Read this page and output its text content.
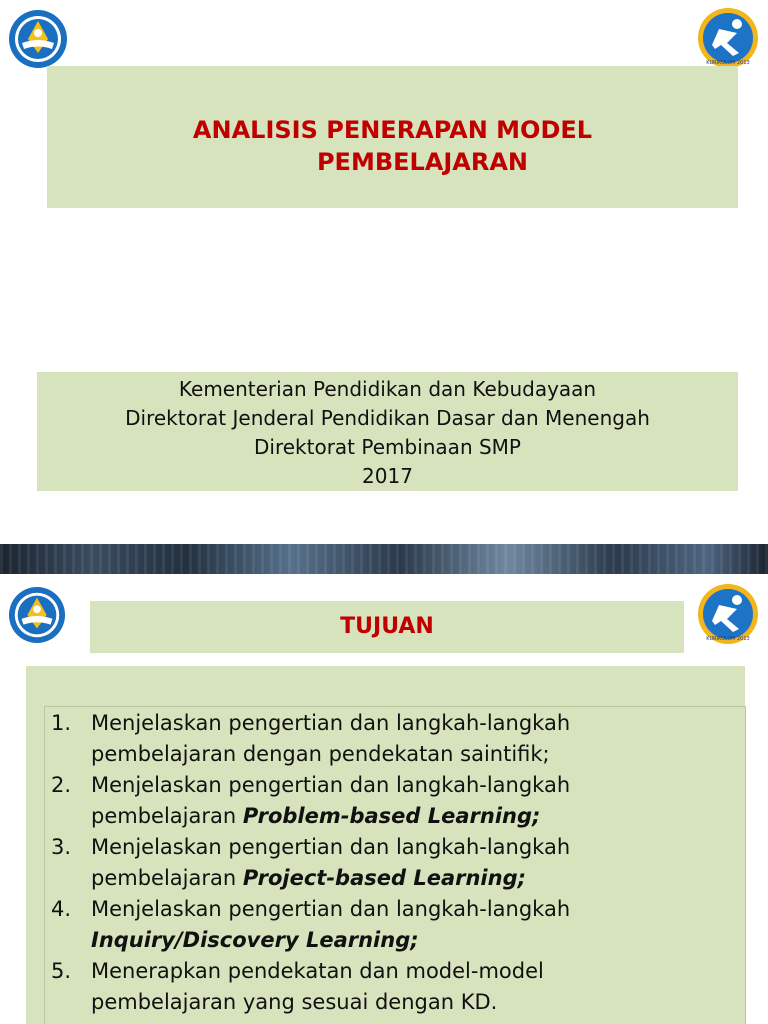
KURIKULUM 2013
ANALISIS PENERAPAN MODEL
PEMBELAJARAN
Kementerian Pendidikan dan Kebudayaan
Direktorat Jenderal Pendidikan Dasar dan Menengah
Direktorat Pembinaan SMP
2017
KURIKULUM 2013
TUJUAN
1. Menjelaskan pengertian dan langkah-langkah
pembelajaran dengan pendekatan saintifik;
2. Menjelaskan pengertian dan langkah-langkah
pembelajaran Problem-based Learning;
3. Menjelaskan pengertian dan langkah-langkah
pembelajaran Project-based Learning;
4. Menjelaskan pengertian dan langkah-langkah
Inquiry/Discovery Learning;
5. Menerapkan pendekatan dan model-model
pembelajaran yang sesuai dengan KD.
